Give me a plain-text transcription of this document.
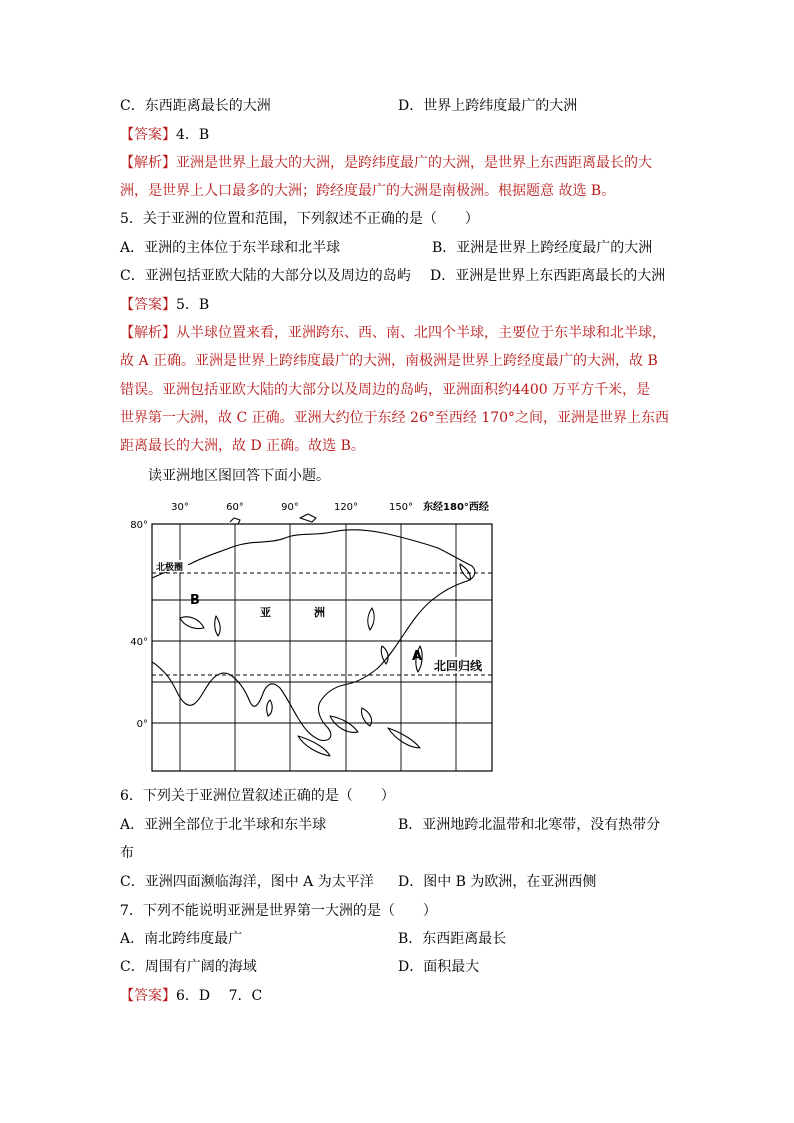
C．东西距离最长的大洲	D．世界上跨纬度最广的大洲
【答案】4．B
【解析】亚洲是世界上最大的大洲，是跨纬度最广的大洲，是世界上东西距离最长的大
洲，是世界上人口最多的大洲；跨经度最广的大洲是南极洲。根据题意 故选 B。
5．关于亚洲的位置和范围，下列叙述不正确的是（　　）
A．亚洲的主体位于东半球和北半球	B．亚洲是世界上跨经度最广的大洲
C．亚洲包括亚欧大陆的大部分以及周边的岛屿 D．亚洲是世界上东西距离最长的大洲
【答案】5．B
【解析】从半球位置来看，亚洲跨东、西、南、北四个半球，主要位于东半球和北半球，
故 A 正确。亚洲是世界上跨纬度最广的大洲，南极洲是世界上跨经度最广的大洲，故 B
错误。亚洲包括亚欧大陆的大部分以及周边的岛屿，亚洲面积约4400 万平方千米，是
世界第一大洲，故 C 正确。亚洲大约位于东经 26°至西经 170°之间，亚洲是世界上东西
距离最长的大洲，故 D 正确。故选 B。
读亚洲地区图回答下面小题。
80°
40°
0°
30°	60°	90°	120°	150° 东经180°西经
北极圈
B
亚	洲
A
北回归线
6．下列关于亚洲位置叙述正确的是（　　）
A．亚洲全部位于北半球和东半球	B．亚洲地跨北温带和北寒带，没有热带分
布
C．亚洲四面濒临海洋，图中 A 为太平洋 D．图中 B 为欧洲，在亚洲西侧
7．下列不能说明亚洲是世界第一大洲的是（　　）
A．南北跨纬度最广	B．东西距离最长
C．周围有广阔的海域	D．面积最大
【答案】6．D　 7．C
